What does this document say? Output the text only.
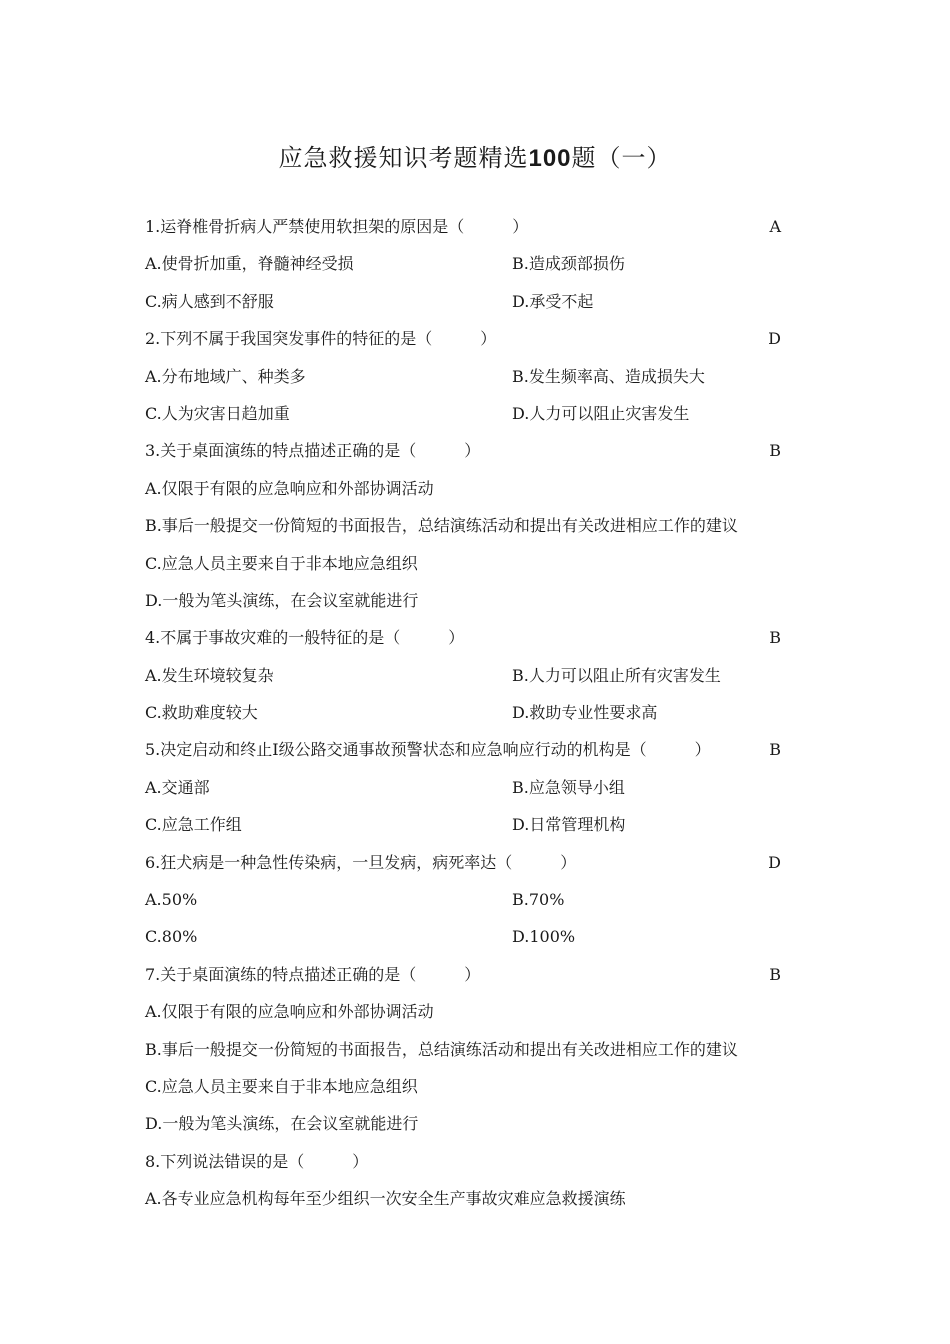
应急救援知识考题精选100题（一）
1.运脊椎骨折病人严禁使用软担架的原因是（　　　）	A
A.使骨折加重，脊髓神经受损	B.造成颈部损伤
C.病人感到不舒服	D.承受不起
2.下列不属于我国突发事件的特征的是（　　　）	D
A.分布地域广、种类多	B.发生频率高、造成损失大
C.人为灾害日趋加重	D.人力可以阻止灾害发生
3.关于桌面演练的特点描述正确的是（　　　）	B
A.仅限于有限的应急响应和外部协调活动
B.事后一般提交一份简短的书面报告，总结演练活动和提出有关改进相应工作的建议
C.应急人员主要来自于非本地应急组织
D.一般为笔头演练，在会议室就能进行
4.不属于事故灾难的一般特征的是（　　　）	B
A.发生环境较复杂	B.人力可以阻止所有灾害发生
C.救助难度较大	D.救助专业性要求高
5.决定启动和终止Ⅰ级公路交通事故预警状态和应急响应行动的机构是（　　　）	B
A.交通部	B.应急领导小组
C.应急工作组	D.日常管理机构
6.狂犬病是一种急性传染病，一旦发病，病死率达（　　　）	D
A.50%	B.70%
C.80%	D.100%
7.关于桌面演练的特点描述正确的是（　　　）	B
A.仅限于有限的应急响应和外部协调活动
B.事后一般提交一份简短的书面报告，总结演练活动和提出有关改进相应工作的建议
C.应急人员主要来自于非本地应急组织
D.一般为笔头演练，在会议室就能进行
8.下列说法错误的是（　　　）
A.各专业应急机构每年至少组织一次安全生产事故灾难应急救援演练
